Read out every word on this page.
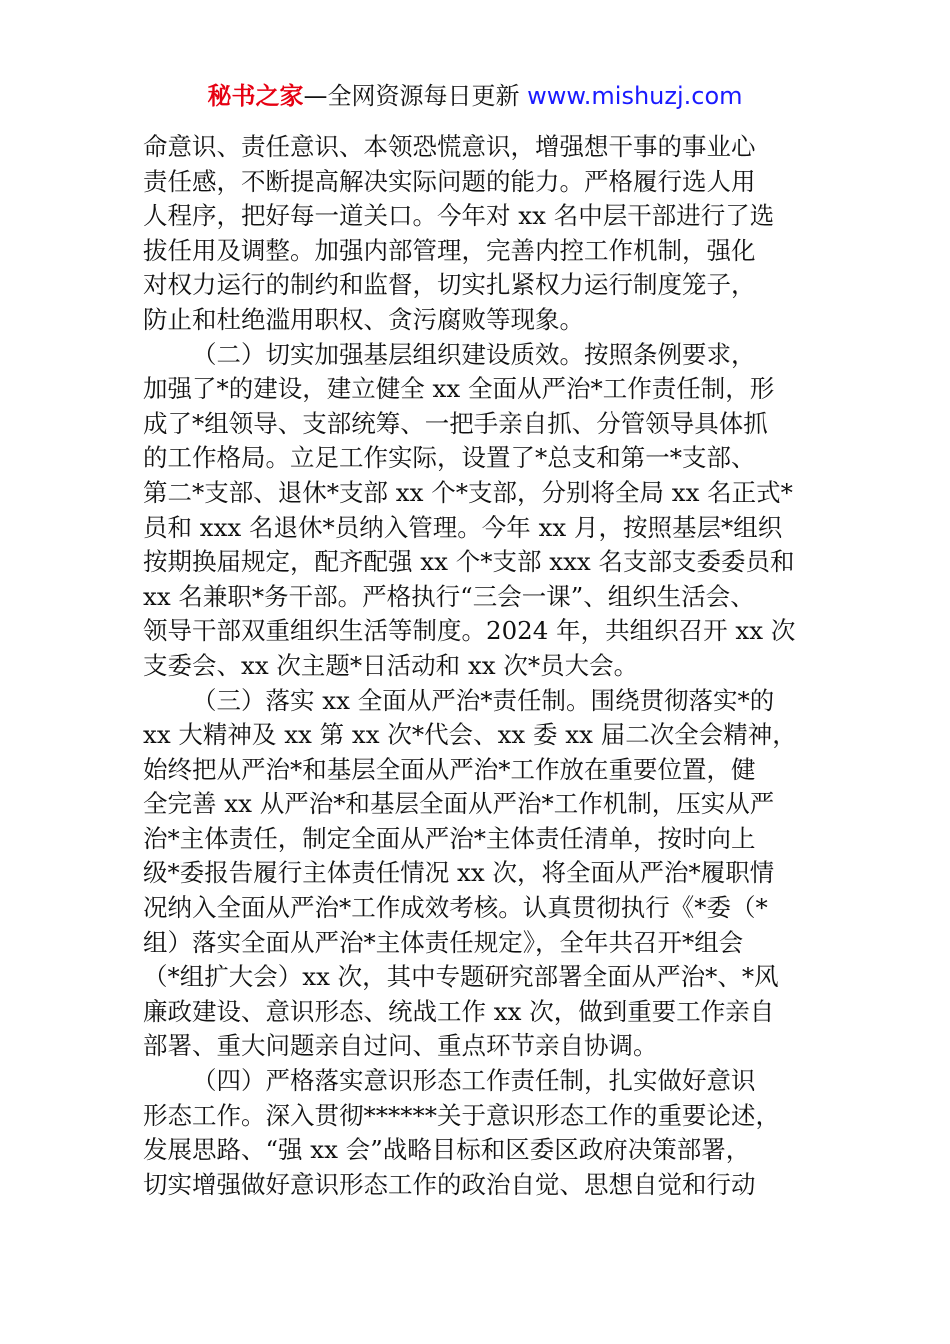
秘书之家—全网资源每日更新 www.mishuzj.com
命意识、责任意识、本领恐慌意识，增强想干事的事业心
责任感，不断提高解决实际问题的能力。严格履行选人用
人程序，把好每一道关口。今年对 xx 名中层干部进行了选
拔任用及调整。加强内部管理，完善内控工作机制，强化
对权力运行的制约和监督，切实扎紧权力运行制度笼子，
防止和杜绝滥用职权、贪污腐败等现象。
（二）切实加强基层组织建设质效。按照条例要求，
加强了*的建设，建立健全 xx 全面从严治*工作责任制，形
成了*组领导、支部统筹、一把手亲自抓、分管领导具体抓
的工作格局。立足工作实际，设置了*总支和第一*支部、
第二*支部、退休*支部 xx 个*支部，分别将全局 xx 名正式*
员和 xxx 名退休*员纳入管理。今年 xx 月，按照基层*组织
按期换届规定，配齐配强 xx 个*支部 xxx 名支部支委委员和
xx 名兼职*务干部。严格执行“三会一课”、组织生活会、
领导干部双重组织生活等制度。2024 年，共组织召开 xx 次
支委会、xx 次主题*日活动和 xx 次*员大会。
（三）落实 xx 全面从严治*责任制。围绕贯彻落实*的
xx 大精神及 xx 第 xx 次*代会、xx 委 xx 届二次全会精神，
始终把从严治*和基层全面从严治*工作放在重要位置，健
全完善 xx 从严治*和基层全面从严治*工作机制，压实从严
治*主体责任，制定全面从严治*主体责任清单，按时向上
级*委报告履行主体责任情况 xx 次，将全面从严治*履职情
况纳入全面从严治*工作成效考核。认真贯彻执行《*委（*
组）落实全面从严治*主体责任规定》，全年共召开*组会
（*组扩大会）xx 次，其中专题研究部署全面从严治*、*风
廉政建设、意识形态、统战工作 xx 次，做到重要工作亲自
部署、重大问题亲自过问、重点环节亲自协调。
（四）严格落实意识形态工作责任制，扎实做好意识
形态工作。深入贯彻******关于意识形态工作的重要论述，
发展思路、“强 xx 会”战略目标和区委区政府决策部署，
切实增强做好意识形态工作的政治自觉、思想自觉和行动
